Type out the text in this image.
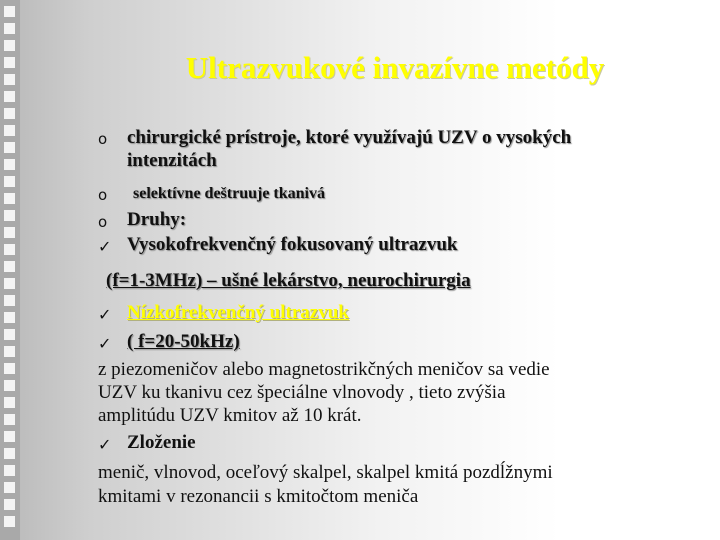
Ultrazvukové invazívne metódy
o chirurgické prístroje, ktoré využívajú UZV o vysokých
intenzitách
o selektívne deštruuje tkanivá
o Druhy:
✓ Vysokofrekvenčný fokusovaný ultrazvuk
(f=1-3MHz) – ušné lekárstvo, neurochirurgia
✓ Nízkofrekvenčný ultrazvuk
✓ ( f=20-50kHz)
z piezomeničov alebo magnetostrikčných meničov sa vedie
UZV ku tkanivu cez špeciálne vlnovody , tieto zvýšia
amplitúdu UZV kmitov až 10 krát.
✓ Zloženie
menič, vlnovod, oceľový skalpel, skalpel kmitá pozdĺžnymi
kmitami v rezonancii s kmitočtom meniča
